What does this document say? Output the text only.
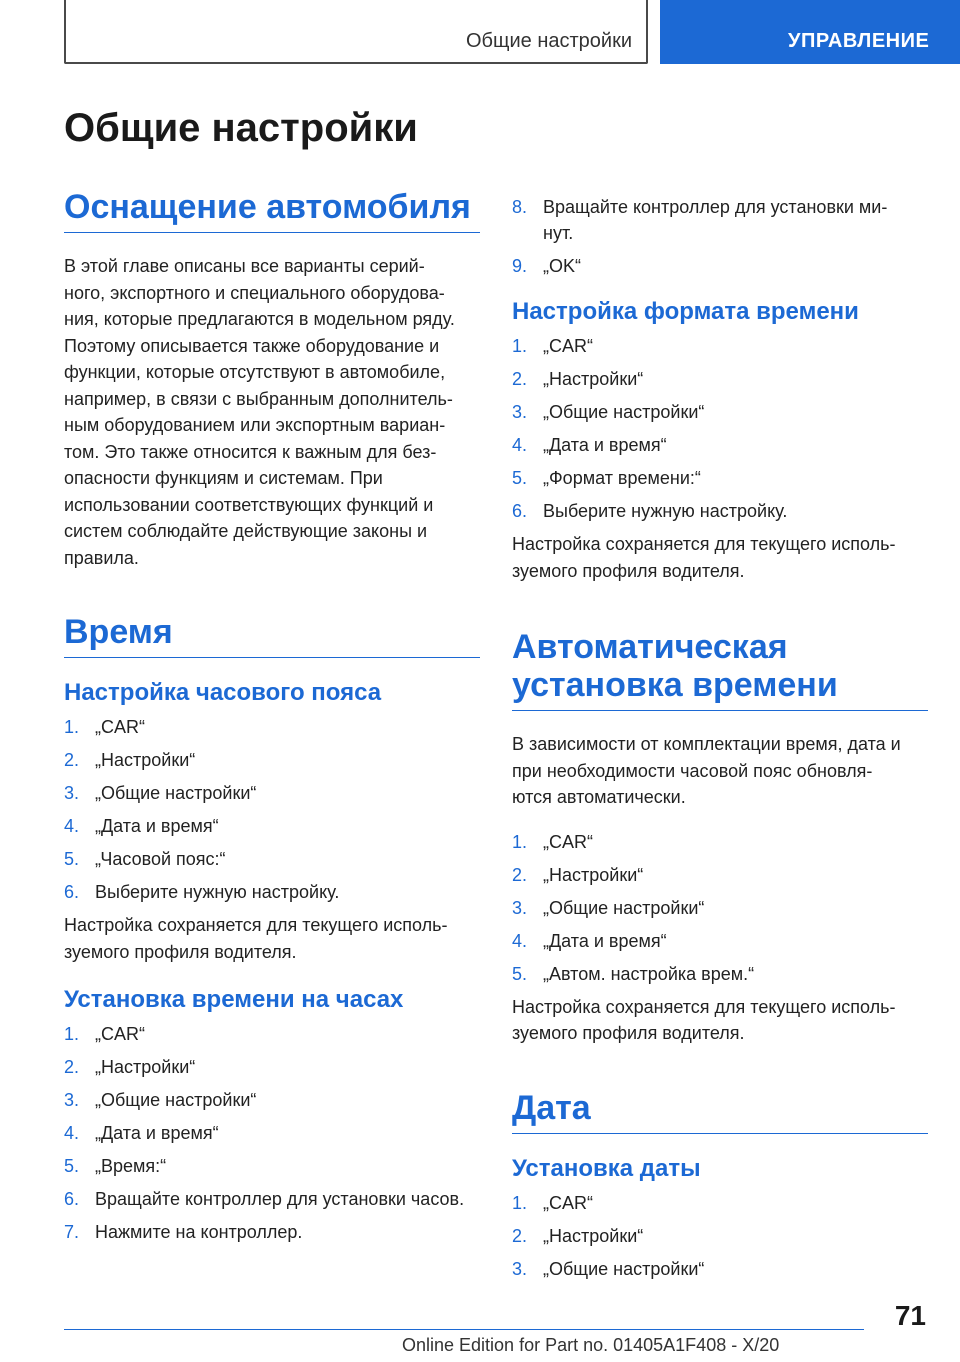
Общие настройки	УПРАВЛЕНИЕ
Общие настройки
Оснащение автомобиля

В этой главе описаны все варианты серий-
ного, экспортного и специального оборудова-
ния, которые предлагаются в модельном ряду.
Поэтому описывается также оборудование и
функции, которые отсутствуют в автомобиле,
например, в связи с выбранным дополнитель-
ным оборудованием или экспортным вариан-
том. Это также относится к важным для без-
опасности функциям и системам. При
использовании соответствующих функций и
систем соблюдайте действующие законы и
правила.

Время
Настройка часового пояса
1. „CAR“
2. „Настройки“
3. „Общие настройки“
4. „Дата и время“
5. „Часовой пояс:“
6. Выберите нужную настройку.

Настройка сохраняется для текущего исполь-
зуемого профиля водителя.

Установка времени на часах
1. „CAR“
2. „Настройки“
3. „Общие настройки“
4. „Дата и время“
5. „Время:“
6. Вращайте контроллер для установки часов.
7. Нажмите на контроллер.
8. Вращайте контроллер для установки ми-
нут.
9. „OK“
Настройка формата времени
1. „CAR“
2. „Настройки“
3. „Общие настройки“
4. „Дата и время“
5. „Формат времени:“
6. Выберите нужную настройку.

Настройка сохраняется для текущего исполь-
зуемого профиля водителя.

Автоматическая
установка времени

В зависимости от комплектации время, дата и
при необходимости часовой пояс обновля-
ются автоматически.

1. „CAR“
2. „Настройки“
3. „Общие настройки“
4. „Дата и время“
5. „Автом. настройка врем.“

Настройка сохраняется для текущего исполь-
зуемого профиля водителя.

Дата
Установка даты
1. „CAR“
2. „Настройки“
3. „Общие настройки“
71
Online Edition for Part no. 01405A1F408 - X/20
